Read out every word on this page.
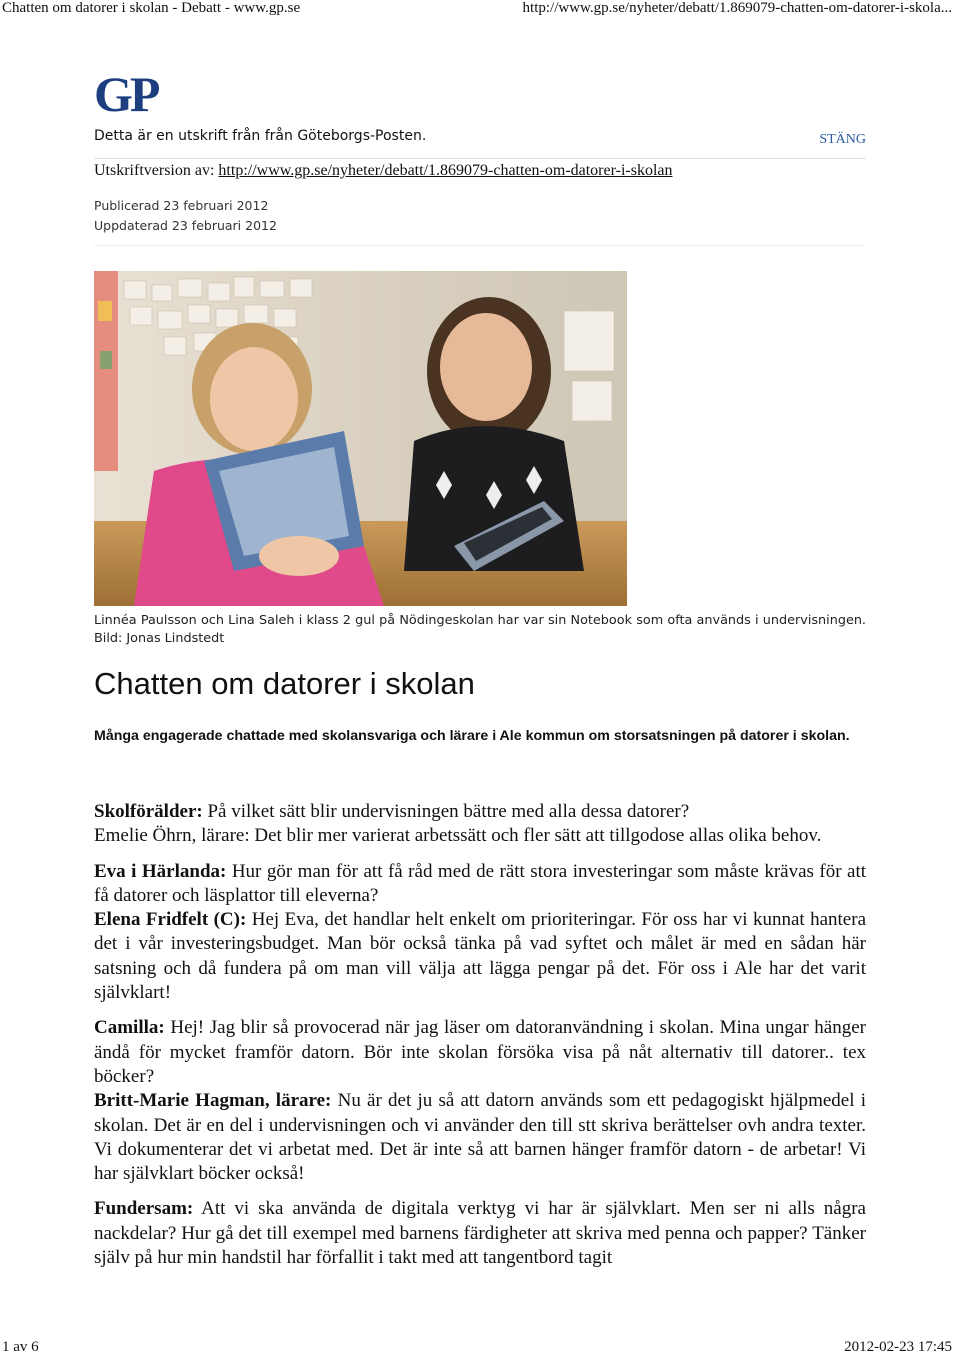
Chatten om datorer i skolan - Debatt - www.gp.se	http://www.gp.se/nyheter/debatt/1.869079-chatten-om-datorer-i-skola...
GP
Detta är en utskrift från från Göteborgs-Posten.	STÄNG
Utskriftversion av: http://www.gp.se/nyheter/debatt/1.869079-chatten-om-datorer-i-skolan
Publicerad 23 februari 2012
Uppdaterad 23 februari 2012
Linnéa Paulsson och Lina Saleh i klass 2 gul på Nödingeskolan har var sin Notebook som ofta används i undervisningen. Bild: Jonas Lindstedt
Chatten om datorer i skolan
Många engagerade chattade med skolansvariga och lärare i Ale kommun om storsatsningen på datorer i skolan.

Skolförälder: På vilket sätt blir undervisningen bättre med alla dessa datorer?

Emelie Öhrn, lärare: Det blir mer varierat arbetssätt och fler sätt att tillgodose allas olika behov.

Eva i Härlanda: Hur gör man för att få råd med de rätt stora investeringar som måste krävas för att få datorer och läsplattor till eleverna?

Elena Fridfelt (C): Hej Eva, det handlar helt enkelt om prioriteringar. För oss har vi kunnat hantera det i vår investeringsbudget. Man bör också tänka på vad syftet och målet är med en sådan här satsning och då fundera på om man vill välja att lägga pengar på det. För oss i Ale har det varit självklart!

Camilla: Hej! Jag blir så provocerad när jag läser om datoranvändning i skolan. Mina ungar hänger ändå för mycket framför datorn. Bör inte skolan försöka visa på nåt alternativ till datorer.. tex böcker?

Britt-Marie Hagman, lärare: Nu är det ju så att datorn används som ett pedagogiskt hjälpmedel i skolan. Det är en del i undervisningen och vi använder den till stt skriva berättelser ovh andra texter. Vi dokumenterar det vi arbetat med. Det är inte så att barnen hänger framför datorn - de arbetar! Vi har självklart böcker också!

Fundersam: Att vi ska använda de digitala verktyg vi har är självklart. Men ser ni alls några nackdelar? Hur gå det till exempel med barnens färdigheter att skriva med penna och papper? Tänker själv på hur min handstil har förfallit i takt med att tangentbord tagit

1 av 6	2012-02-23 17:45
